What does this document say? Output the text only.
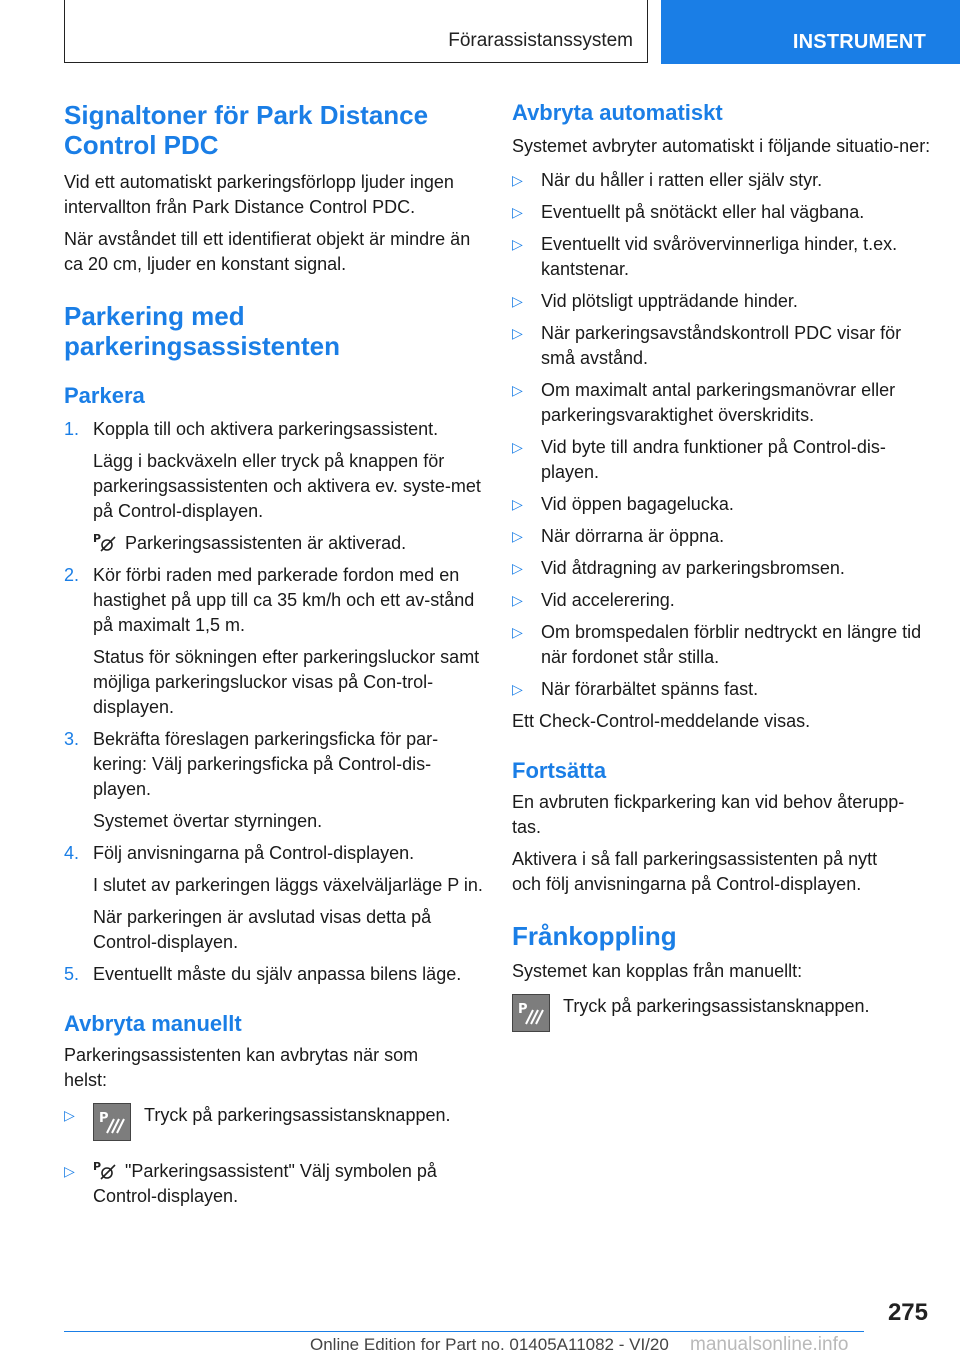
Förarassistanssystem	INSTRUMENT
Signaltoner för Park Distance Control PDC

Vid ett automatiskt parkeringsförlopp ljuder ingen intervallton från Park Distance Control PDC.

När avståndet till ett identifierat objekt är mindre än ca 20 cm, ljuder en konstant signal.

Parkering med parkeringsassistenten
Parkera
1. Koppla till och aktivera parkeringsassistent.
Lägg i backväxeln eller tryck på knappen för parkeringsassistenten och aktivera ev. syste-met på Control-displayen.
P Parkeringsassistenten är aktiverad.
2. Kör förbi raden med parkerade fordon med en hastighet på upp till ca 35 km/h och ett av-stånd på maximalt 1,5 m.
Status för sökningen efter parkeringsluckor samt möjliga parkeringsluckor visas på Con-trol-displayen.
3. Bekräfta föreslagen parkeringsficka för par-kering: Välj parkeringsficka på Control-dis-playen.
Systemet övertar styrningen.
4. Följ anvisningarna på Control-displayen.
I slutet av parkeringen läggs växelväljarläge P in.
När parkeringen är avslutad visas detta på Control-displayen.
5. Eventuellt måste du själv anpassa bilens läge.
Avbryta manuellt

Parkeringsassistenten kan avbrytas när som helst:

▷	P Tryck på parkeringsassistansknappen.
▷	P "Parkeringsassistent" Välj symbolen på Control-displayen.
Avbryta automatiskt

Systemet avbryter automatiskt i följande situatio-ner:

▷	När du håller i ratten eller själv styr.
▷	Eventuellt på snötäckt eller hal vägbana.
▷	Eventuellt vid svårövervinnerliga hinder, t.ex. kantstenar.
▷	Vid plötsligt uppträdande hinder.
▷	När parkeringsavståndskontroll PDC visar för små avstånd.
▷	Om maximalt antal parkeringsmanövrar eller parkeringsvaraktighet överskridits.
▷	Vid byte till andra funktioner på Control-dis-playen.
▷	Vid öppen bagagelucka.
▷	När dörrarna är öppna.
▷	Vid åtdragning av parkeringsbromsen.
▷	Vid accelerering.
▷	Om bromspedalen förblir nedtryckt en längre tid när fordonet står stilla.
▷	När förarbältet spänns fast.

Ett Check-Control-meddelande visas.

Fortsätta

En avbruten fickparkering kan vid behov återupp-tas.

Aktivera i så fall parkeringsassistenten på nytt och följ anvisningarna på Control-displayen.

Frånkoppling

Systemet kan kopplas från manuellt:

P Tryck på parkeringsassistansknappen.
275
Online Edition for Part no. 01405A11082 - VI/20 manualsonline.info
